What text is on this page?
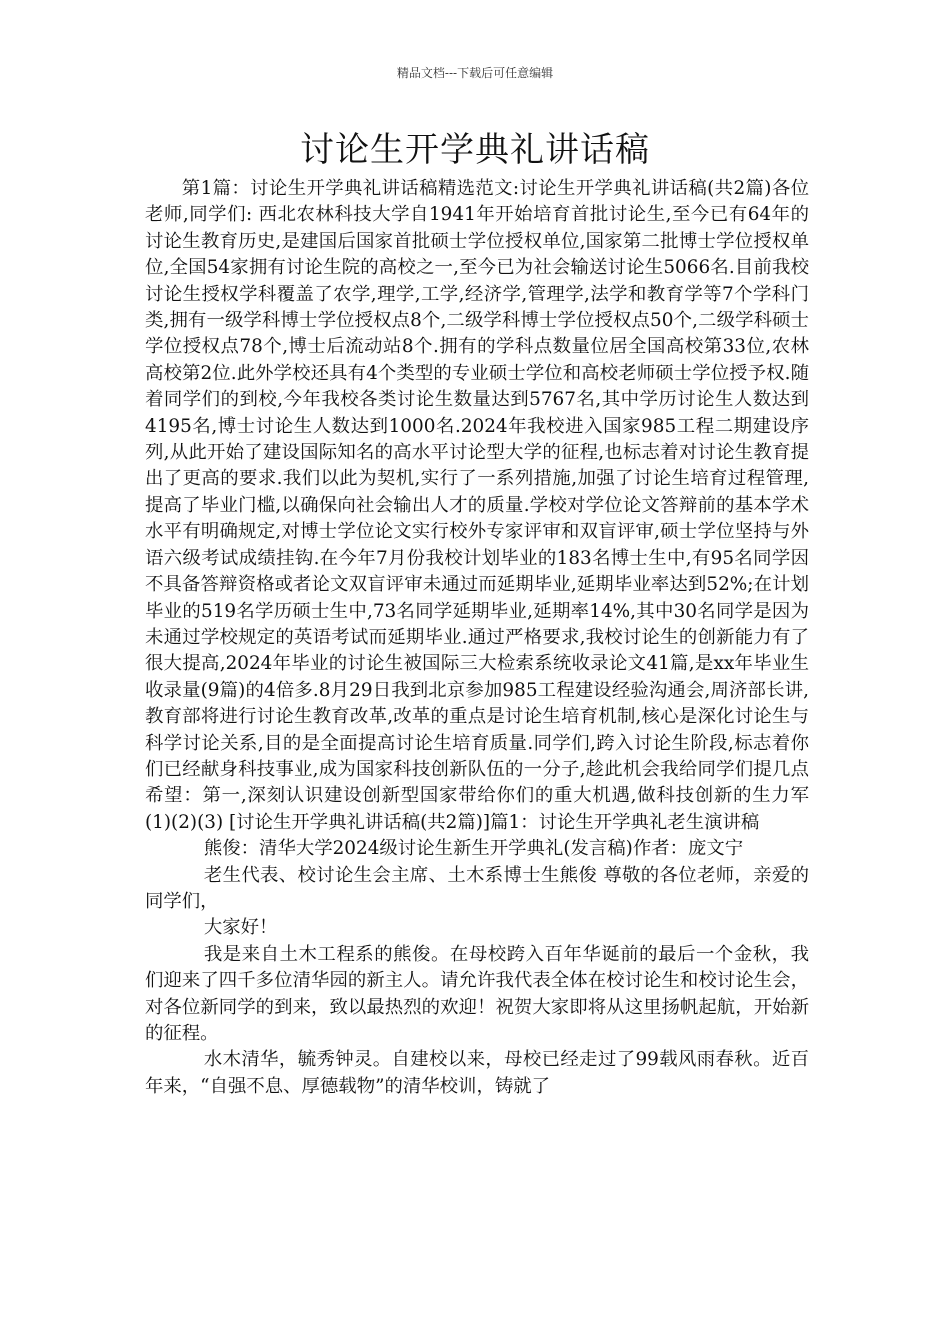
精品文档---下载后可任意编辑
讨论生开学典礼讲话稿

第1篇：讨论生开学典礼讲话稿精选范文:讨论生开学典礼讲话稿(共2篇)各位老师,同学们: 西北农林科技大学自1941年开始培育首批讨论生,至今已有64年的讨论生教育历史,是建国后国家首批硕士学位授权单位,国家第二批博士学位授权单位,全国54家拥有讨论生院的高校之一,至今已为社会输送讨论生5066名.目前我校讨论生授权学科覆盖了农学,理学,工学,经济学,管理学,法学和教育学等7个学科门类,拥有一级学科博士学位授权点8个,二级学科博士学位授权点50个,二级学科硕士学位授权点78个,博士后流动站8个.拥有的学科点数量位居全国高校第33位,农林高校第2位.此外学校还具有4个类型的专业硕士学位和高校老师硕士学位授予权.随着同学们的到校,今年我校各类讨论生数量达到5767名,其中学历讨论生人数达到4195名,博士讨论生人数达到1000名.2024年我校进入国家985工程二期建设序列,从此开始了建设国际知名的高水平讨论型大学的征程,也标志着对讨论生教育提出了更高的要求.我们以此为契机,实行了一系列措施,加强了讨论生培育过程管理,提高了毕业门槛,以确保向社会输出人才的质量.学校对学位论文答辩前的基本学术水平有明确规定,对博士学位论文实行校外专家评审和双盲评审,硕士学位坚持与外语六级考试成绩挂钩.在今年7月份我校计划毕业的183名博士生中,有95名同学因不具备答辩资格或者论文双盲评审未通过而延期毕业,延期毕业率达到52%;在计划毕业的519名学历硕士生中,73名同学延期毕业,延期率14%,其中30名同学是因为未通过学校规定的英语考试而延期毕业.通过严格要求,我校讨论生的创新能力有了很大提高,2024年毕业的讨论生被国际三大检索系统收录论文41篇,是xx年毕业生收录量(9篇)的4倍多.8月29日我到北京参加985工程建设经验沟通会,周济部长讲,教育部将进行讨论生教育改革,改革的重点是讨论生培育机制,核心是深化讨论生与科学讨论关系,目的是全面提高讨论生培育质量.同学们,跨入讨论生阶段,标志着你们已经献身科技事业,成为国家科技创新队伍的一分子,趁此机会我给同学们提几点希望：第一,深刻认识建设创新型国家带给你们的重大机遇,做科技创新的生力军 (1)(2)(3) [讨论生开学典礼讲话稿(共2篇)]篇1：讨论生开学典礼老生演讲稿

熊俊：清华大学2024级讨论生新生开学典礼(发言稿)作者：庞文宁

老生代表、校讨论生会主席、土木系博士生熊俊 尊敬的各位老师，亲爱的同学们，

大家好！

我是来自土木工程系的熊俊。在母校跨入百年华诞前的最后一个金秋，我们迎来了四千多位清华园的新主人。请允许我代表全体在校讨论生和校讨论生会，对各位新同学的到来，致以最热烈的欢迎！祝贺大家即将从这里扬帆起航，开始新的征程。

水木清华，毓秀钟灵。自建校以来，母校已经走过了99载风雨春秋。近百年来，“自强不息、厚德载物”的清华校训，铸就了
